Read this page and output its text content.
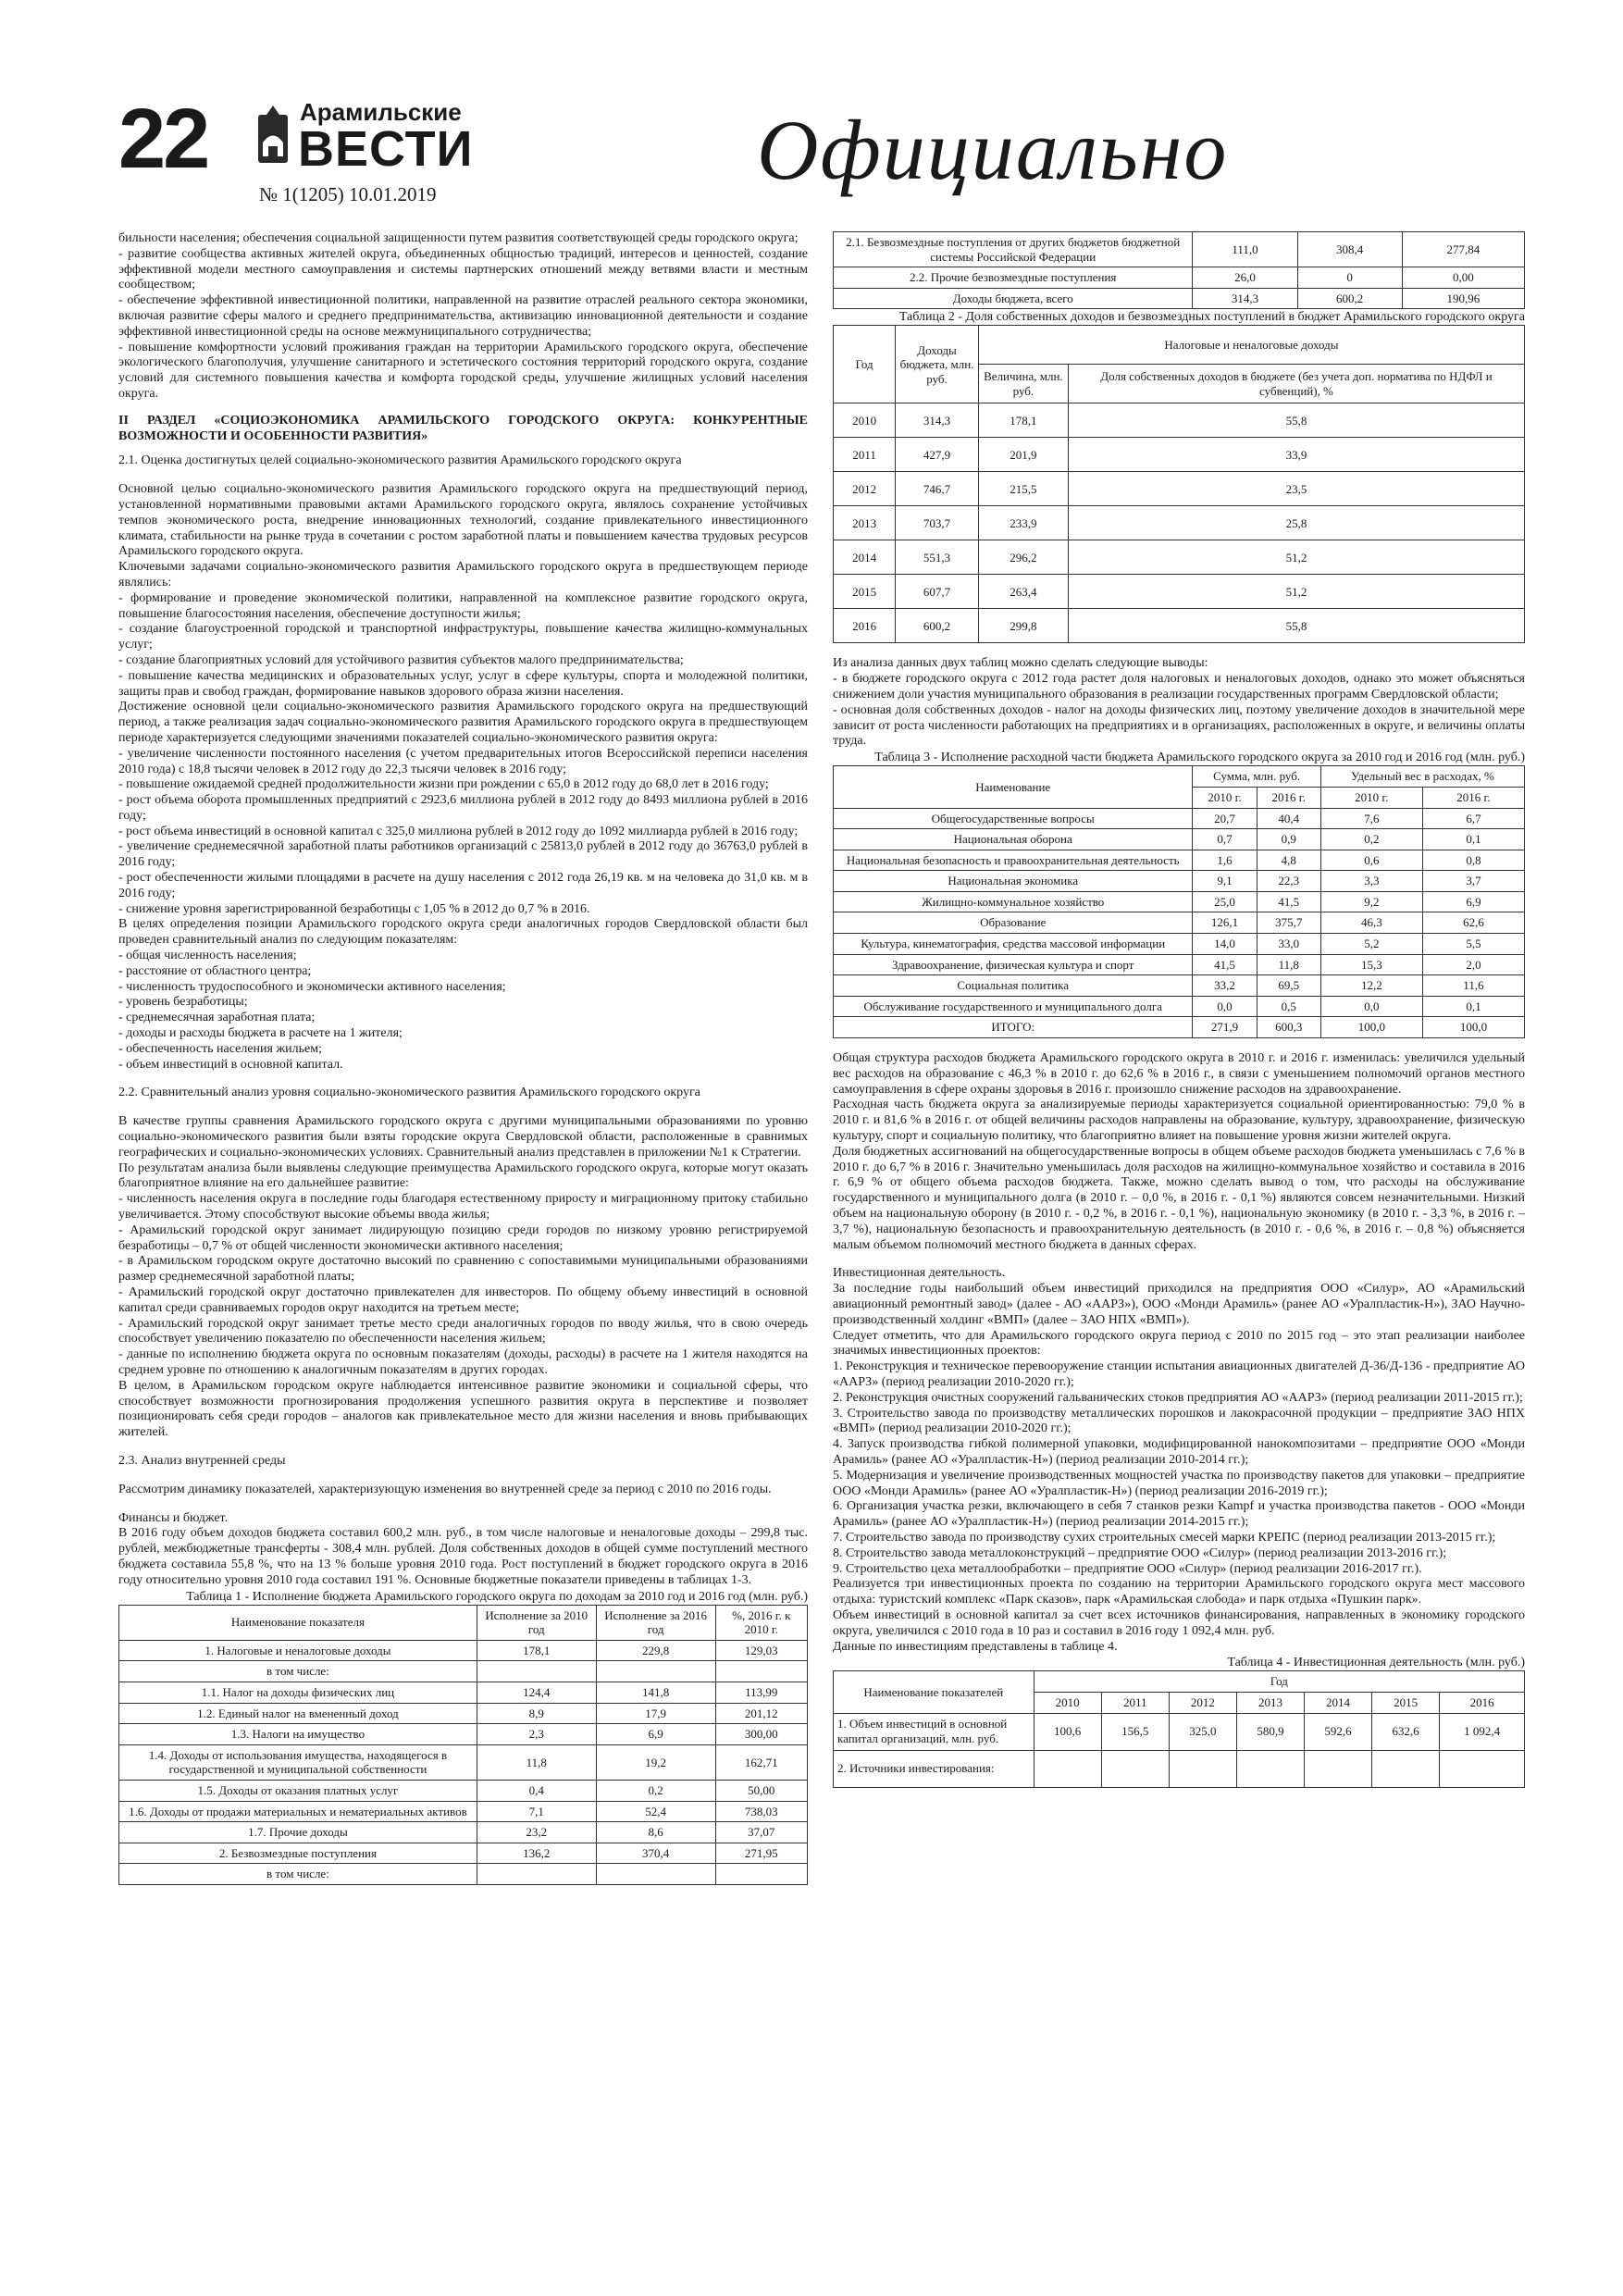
22	Арамильские
ВЕСТИ
№ 1(1205) 10.01.2019	Официально

бильности населения; обеспечения социальной защищенности путем развития соответствующей среды городского округа;

- развитие сообщества активных жителей округа, объединенных общностью традиций, интересов и ценностей, создание эффективной модели местного самоуправления и системы партнерских отношений между ветвями власти и местным сообществом;

- обеспечение эффективной инвестиционной политики, направленной на развитие отраслей реального сектора экономики, включая развитие сферы малого и среднего предпринимательства, активизацию инновационной деятельности и создание эффективной инвестиционной среды на основе межмуниципального сотрудничества;

- повышение комфортности условий проживания граждан на территории Арамильского городского округа, обеспечение экологического благополучия, улучшение санитарного и эстетического состояния территорий городского округа, создание условий для системного повышения качества и комфорта городской среды, улучшение жилищных условий населения округа.

II РАЗДЕЛ «СОЦИОЭКОНОМИКА АРАМИЛЬСКОГО ГОРОДСКОГО ОКРУГА: КОНКУРЕНТНЫЕ ВОЗМОЖНОСТИ И ОСОБЕННОСТИ РАЗВИТИЯ»

2.1. Оценка достигнутых целей социально-экономического развития Арамильского городского округа

Основной целью социально-экономического развития Арамильского городского округа на предшествующий период, установленной нормативными правовыми актами Арамильского городского округа, являлось сохранение устойчивых темпов экономического роста, внедрение инновационных технологий, создание привлекательного инвестиционного климата, стабильности на рынке труда в сочетании с ростом заработной платы и повышением качества трудовых ресурсов Арамильского городского округа.

Ключевыми задачами социально-экономического развития Арамильского городского округа в предшествующем периоде являлись:

- формирование и проведение экономической политики, направленной на комплексное развитие городского округа, повышение благосостояния населения, обеспечение доступности жилья;

- создание благоустроенной городской и транспортной инфраструктуры, повышение качества жилищно-коммунальных услуг;

- создание благоприятных условий для устойчивого развития субъектов малого предпринимательства;

- повышение качества медицинских и образовательных услуг, услуг в сфере культуры, спорта и молодежной политики, защиты прав и свобод граждан, формирование навыков здорового образа жизни населения.

Достижение основной цели социально-экономического развития Арамильского городского округа на предшествующий период, а также реализация задач социально-экономического развития Арамильского городского округа в предшествующем периоде характеризуется следующими значениями показателей социально-экономического развития округа:

- увеличение численности постоянного населения (с учетом предварительных итогов Всероссийской переписи населения 2010 года) с 18,8 тысячи человек в 2012 году до 22,3 тысячи человек в 2016 году;

- повышение ожидаемой средней продолжительности жизни при рождении с 65,0 в 2012 году до 68,0 лет в 2016 году;

- рост объема оборота промышленных предприятий с 2923,6 миллиона рублей в 2012 году до 8493 миллиона рублей в 2016 году;

- рост объема инвестиций в основной капитал с 325,0 миллиона рублей в 2012 году до 1092 миллиарда рублей в 2016 году;

- увеличение среднемесячной заработной платы работников организаций с 25813,0 рублей в 2012 году до 36763,0 рублей в 2016 году;

- рост обеспеченности жилыми площадями в расчете на душу населения с 2012 года 26,19 кв. м на человека до 31,0 кв. м в 2016 году;

- снижение уровня зарегистрированной безработицы с 1,05 % в 2012 до 0,7 % в 2016.

В целях определения позиции Арамильского городского округа среди аналогичных городов Свердловской области был проведен сравнительный анализ по следующим показателям:

- общая численность населения;

- расстояние от областного центра;

- численность трудоспособного и экономически активного населения;

- уровень безработицы;

- среднемесячная заработная плата;

- доходы и расходы бюджета в расчете на 1 жителя;

- обеспеченность населения жильем;

- объем инвестиций в основной капитал.

2.2. Сравнительный анализ уровня социально-экономического развития Арамильского городского округа

В качестве группы сравнения Арамильского городского округа с другими муниципальными образованиями по уровню социально-экономического развития были взяты городские округа Свердловской области, расположенные в сравнимых географических и социально-экономических условиях. Сравнительный анализ представлен в приложении №1 к Стратегии.

По результатам анализа были выявлены следующие преимущества Арамильского городского округа, которые могут оказать благоприятное влияние на его дальнейшее развитие:

- численность населения округа в последние годы благодаря естественному приросту и миграционному притоку стабильно увеличивается. Этому способствуют высокие объемы ввода жилья;

- Арамильский городской округ занимает лидирующую позицию среди городов по низкому уровню регистрируемой безработицы – 0,7 % от общей численности экономически активного населения;

- в Арамильском городском округе достаточно высокий по сравнению с сопоставимыми муниципальными образованиями размер среднемесячной заработной платы;

- Арамильский городской округ достаточно привлекателен для инвесторов. По общему объему инвестиций в основной капитал среди сравниваемых городов округ находится на третьем месте;

- Арамильский городской округ занимает третье место среди аналогичных городов по вводу жилья, что в свою очередь способствует увеличению показателю по обеспеченности населения жильем;

- данные по исполнению бюджета округа по основным показателям (доходы, расходы) в расчете на 1 жителя находятся на среднем уровне по отношению к аналогичным показателям в других городах.

В целом, в Арамильском городском округе наблюдается интенсивное развитие экономики и социальной сферы, что способствует возможности прогнозирования продолжения успешного развития округа в перспективе и позволяет позиционировать себя среди городов – аналогов как привлекательное место для жизни населения и вновь прибывающих жителей.

2.3. Анализ внутренней среды

Рассмотрим динамику показателей, характеризующую изменения во внутренней среде за период с 2010 по 2016 годы.

Финансы и бюджет.

В 2016 году объем доходов бюджета составил 600,2 млн. руб., в том числе налоговые и неналоговые доходы – 299,8 тыс. рублей, межбюджетные трансферты - 308,4 млн. рублей. Доля собственных доходов в общей сумме поступлений местного бюджета составила 55,8 %, что на 13 % больше уровня 2010 года. Рост поступлений в бюджет городского округа в 2016 году относительно уровня 2010 года составил 191 %. Основные бюджетные показатели приведены в таблицах 1-3.

Таблица 1 - Исполнение бюджета Арамильского городского округа по доходам за 2010 год и 2016 год (млн. руб.)

Наименование показателя	Исполнение за 2010 год	Исполнение за 2016 год	%, 2016 г. к 2010 г.
1. Налоговые и неналоговые доходы	178,1	229,8	129,03
в том числе:			
1.1. Налог на доходы физических лиц	124,4	141,8	113,99
1.2. Единый налог на вмененный доход	8,9	17,9	201,12
1.3. Налоги на имущество	2,3	6,9	300,00
1.4. Доходы от использования имущества, находящегося в государственной и муниципальной собственности	11,8	19,2	162,71
1.5. Доходы от оказания платных услуг	0,4	0,2	50,00
1.6. Доходы от продажи материальных и нематериальных активов	7,1	52,4	738,03
1.7. Прочие доходы	23,2	8,6	37,07
2. Безвозмездные поступления	136,2	370,4	271,95
в том числе:			
2.1. Безвозмездные поступления от других бюджетов бюджетной системы Российской Федерации	111,0	308,4	277,84
2.2. Прочие безвозмездные поступления	26,0	0	0,00
Доходы бюджета, всего	314,3	600,2	190,96

Таблица 2 - Доля собственных доходов и безвозмездных поступлений в бюджет Арамильского городского округа

Год	Доходы бюджета, млн. руб.	Налоговые и неналоговые доходы	
		Величина, млн. руб.	Доля собственных доходов в бюджете (без учета доп. норматива по НДФЛ и субвенций), %
2010	314,3	178,1	55,8
2011	427,9	201,9	33,9
2012	746,7	215,5	23,5
2013	703,7	233,9	25,8
2014	551,3	296,2	51,2
2015	607,7	263,4	51,2
2016	600,2	299,8	55,8

Из анализа данных двух таблиц можно сделать следующие выводы:

- в бюджете городского округа с 2012 года растет доля налоговых и неналоговых доходов, однако это может объясняться снижением доли участия муниципального образования в реализации государственных программ Свердловской области;

- основная доля собственных доходов - налог на доходы физических лиц, поэтому увеличение доходов в значительной мере зависит от роста численности работающих на предприятиях и в организациях, расположенных в округе, и величины оплаты труда.

Таблица 3 - Исполнение расходной части бюджета Арамильского городского округа за 2010 год и 2016 год (млн. руб.)

Наименование	Сумма, млн. руб.		Удельный вес в расходах, %	
	2010 г.	2016 г.	2010 г.	2016 г.
Общегосударственные вопросы	20,7	40,4	7,6	6,7
Национальная оборона	0,7	0,9	0,2	0,1
Национальная безопасность и правоохранительная деятельность	1,6	4,8	0,6	0,8
Национальная экономика	9,1	22,3	3,3	3,7
Жилищно-коммунальное хозяйство	25,0	41,5	9,2	6,9
Образование	126,1	375,7	46,3	62,6
Культура, кинематография, средства массовой информации	14,0	33,0	5,2	5,5
Здравоохранение, физическая культура и спорт	41,5	11,8	15,3	2,0
Социальная политика	33,2	69,5	12,2	11,6
Обслуживание государственного и муниципального долга	0,0	0,5	0,0	0,1
ИТОГО:	271,9	600,3	100,0	100,0

Общая структура расходов бюджета Арамильского городского округа в 2010 г. и 2016 г. изменилась: увеличился удельный вес расходов на образование с 46,3 % в 2010 г. до 62,6 % в 2016 г., в связи с уменьшением полномочий органов местного самоуправления в сфере охраны здоровья в 2016 г. произошло снижение расходов на здравоохранение.

Расходная часть бюджета округа за анализируемые периоды характеризуется социальной ориентированностью: 79,0 % в 2010 г. и 81,6 % в 2016 г. от общей величины расходов направлены на образование, культуру, здравоохранение, физическую культуру, спорт и социальную политику, что благоприятно влияет на повышение уровня жизни жителей округа.

Доля бюджетных ассигнований на общегосударственные вопросы в общем объеме расходов бюджета уменьшилась с 7,6 % в 2010 г. до 6,7 % в 2016 г. Значительно уменьшилась доля расходов на жилищно-коммунальное хозяйство и составила в 2016 г. 6,9 % от общего объема расходов бюджета. Также, можно сделать вывод о том, что расходы на обслуживание государственного и муниципального долга (в 2010 г. – 0,0 %, в 2016 г. - 0,1 %) являются совсем незначительными. Низкий объем на национальную оборону (в 2010 г. - 0,2 %, в 2016 г. - 0,1 %), национальную экономику (в 2010 г. - 3,3 %, в 2016 г. – 3,7 %), национальную безопасность и правоохранительную деятельность (в 2010 г. - 0,6 %, в 2016 г. – 0,8 %) объясняется малым объемом полномочий местного бюджета в данных сферах.

Инвестиционная деятельность.

За последние годы наибольший объем инвестиций приходился на предприятия ООО «Силур», АО «Арамильский авиационный ремонтный завод» (далее - АО «ААРЗ»), ООО «Монди Арамиль» (ранее АО «Уралпластик-Н»), ЗАО Научно-производственный холдинг «ВМП» (далее – ЗАО НПХ «ВМП»).

Следует отметить, что для Арамильского городского округа период с 2010 по 2015 год – это этап реализации наиболее значимых инвестиционных проектов:

1. Реконструкция и техническое перевооружение станции испытания авиационных двигателей Д-36/Д-136 - предприятие АО «ААРЗ» (период реализации 2010-2020 гг.);

2. Реконструкция очистных сооружений гальванических стоков предприятия АО «ААРЗ» (период реализации 2011-2015 гг.);

3. Строительство завода по производству металлических порошков и лакокрасочной продукции – предприятие ЗАО НПХ «ВМП» (период реализации 2010-2020 гг.);

4. Запуск производства гибкой полимерной упаковки, модифицированной нанокомпозитами – предприятие ООО «Монди Арамиль» (ранее АО «Уралпластик-Н») (период реализации 2010-2014 гг.);

5. Модернизация и увеличение производственных мощностей участка по производству пакетов для упаковки – предприятие ООО «Монди Арамиль» (ранее АО «Уралпластик-Н») (период реализации 2016-2019 гг.);

6. Организация участка резки, включающего в себя 7 станков резки Kampf и участка производства пакетов - ООО «Монди Арамиль» (ранее АО «Уралпластик-Н») (период реализации 2014-2015 гг.);

7. Строительство завода по производству сухих строительных смесей марки КРЕПС (период реализации 2013-2015 гг.);

8. Строительство завода металлоконструкций – предприятие ООО «Силур» (период реализации 2013-2016 гг.);

9. Строительство цеха металлообработки – предприятие ООО «Силур» (период реализации 2016-2017 гг.).

Реализуется три инвестиционных проекта по созданию на территории Арамильского городского округа мест массового отдыха: туристский комплекс «Парк сказов», парк «Арамильская слобода» и парк отдыха «Пушкин парк».

Объем инвестиций в основной капитал за счет всех источников финансирования, направленных в экономику городского округа, увеличился с 2010 года в 10 раз и составил в 2016 году 1 092,4 млн. руб.

Данные по инвестициям представлены в таблице 4.

Таблица 4 - Инвестиционная деятельность (млн. руб.)

Наименование показателей	Год						
	2010	2011	2012	2013	2014	2015	2016
1. Объем инвестиций в основной капитал организаций, млн. руб.	100,6	156,5	325,0	580,9	592,6	632,6	1 092,4
2. Источники инвестирования:							
